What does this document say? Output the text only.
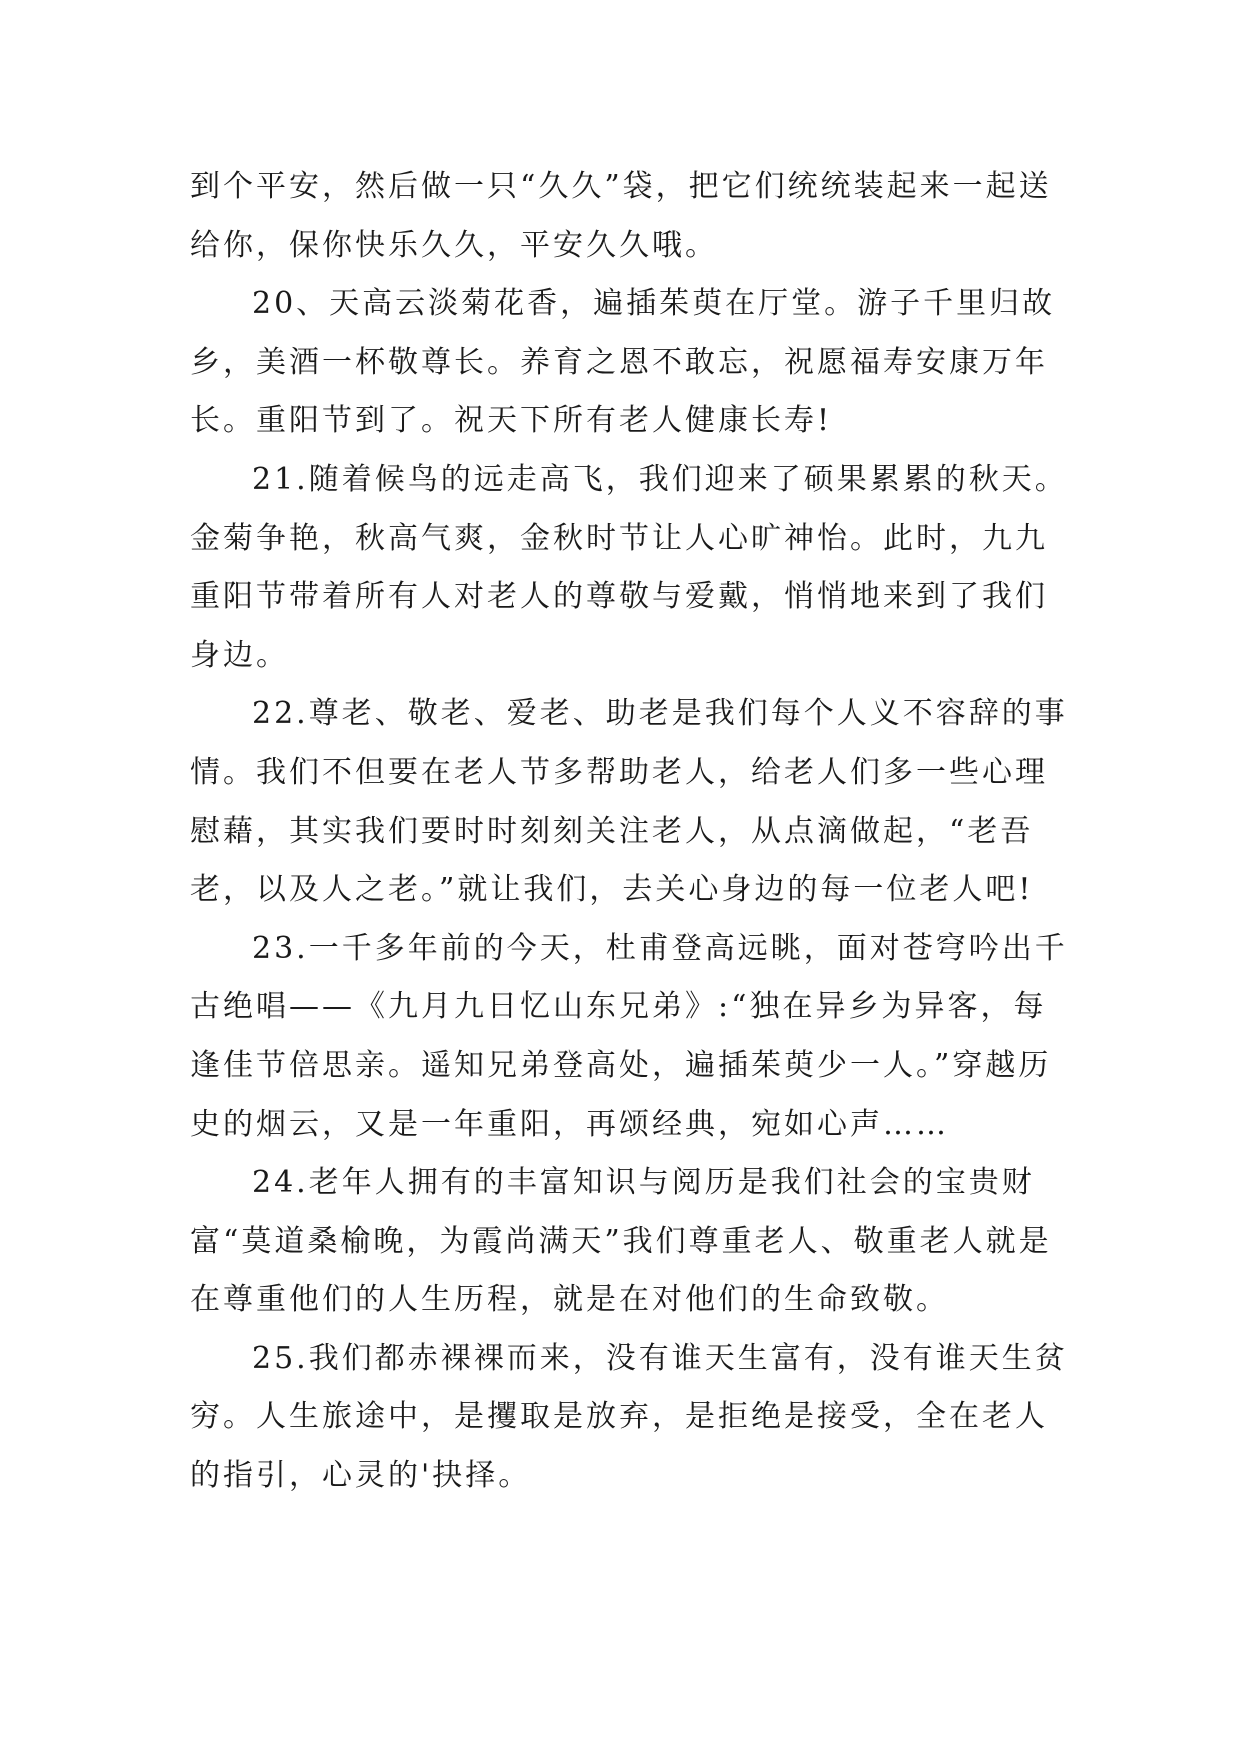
到个平安，然后做一只“久久”袋，把它们统统装起来一起送给你，保你快乐久久，平安久久哦。

20、天高云淡菊花香，遍插茱萸在厅堂。游子千里归故乡，美酒一杯敬尊长。养育之恩不敢忘，祝愿福寿安康万年长。重阳节到了。祝天下所有老人健康长寿!

21.随着候鸟的远走高飞，我们迎来了硕果累累的秋天。金菊争艳，秋高气爽，金秋时节让人心旷神怡。此时，九九重阳节带着所有人对老人的尊敬与爱戴，悄悄地来到了我们身边。

22.尊老、敬老、爱老、助老是我们每个人义不容辞的事情。我们不但要在老人节多帮助老人，给老人们多一些心理慰藉，其实我们要时时刻刻关注老人，从点滴做起，“老吾老，以及人之老。”就让我们，去关心身边的每一位老人吧!

23.一千多年前的今天，杜甫登高远眺，面对苍穹吟出千古绝唱——《九月九日忆山东兄弟》:“独在异乡为异客，每逢佳节倍思亲。遥知兄弟登高处，遍插茱萸少一人。”穿越历史的烟云，又是一年重阳，再颂经典，宛如心声……

24.老年人拥有的丰富知识与阅历是我们社会的宝贵财富“莫道桑榆晚，为霞尚满天”我们尊重老人、敬重老人就是在尊重他们的人生历程，就是在对他们的生命致敬。

25.我们都赤裸裸而来，没有谁天生富有，没有谁天生贫穷。人生旅途中，是攫取是放弃，是拒绝是接受，全在老人的指引，心灵的'抉择。
